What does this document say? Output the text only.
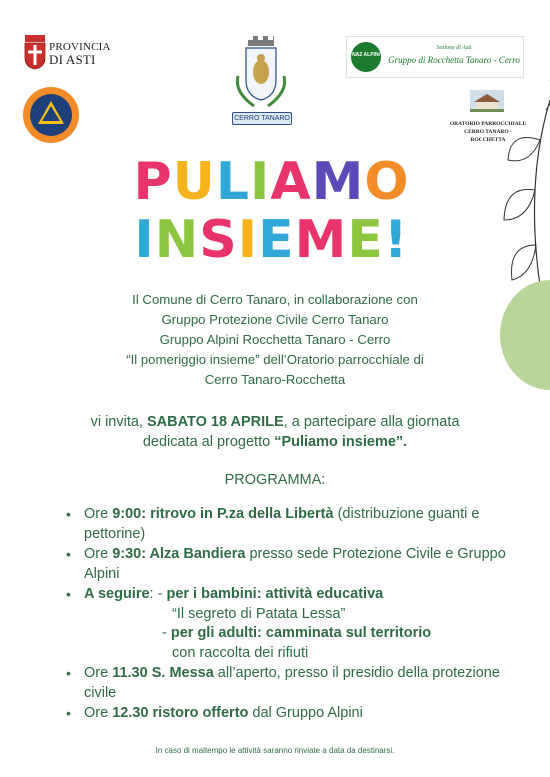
PROVINCIA
DI ASTI
CERRO TANARO
NAZ ALPINI
Sezione di Asti
Gruppo di Rocchetta Tanaro - Cerro
ORATORIO PARROCCHIALE
CERRO TANARO - ROCCHETTA
PULIAMO
INSIEME!
Il Comune di Cerro Tanaro, in collaborazione con
Gruppo Protezione Civile Cerro Tanaro
Gruppo Alpini Rocchetta Tanaro - Cerro
“Il pomeriggio insieme” dell’Oratorio parrocchiale di
Cerro Tanaro-Rocchetta
vi invita, SABATO 18 APRILE, a partecipare alla giornata
dedicata al progetto “Puliamo insieme”.
PROGRAMMA:
• Ore 9:00: ritrovo in P.za della Libertà (distribuzione guanti e pettorine)
• Ore 9:30: Alza Bandiera presso sede Protezione Civile e Gruppo Alpini
• A seguire: - per i bambini: attività educativa
“Il segreto di Patata Lessa”
- per gli adulti: camminata sul territorio
con raccolta dei rifiuti
• Ore 11.30 S. Messa all’aperto, presso il presidio della protezione civile
• Ore 12.30 ristoro offerto dal Gruppo Alpini
In caso di maltempo le attività saranno rinviate a data da destinarsi.
